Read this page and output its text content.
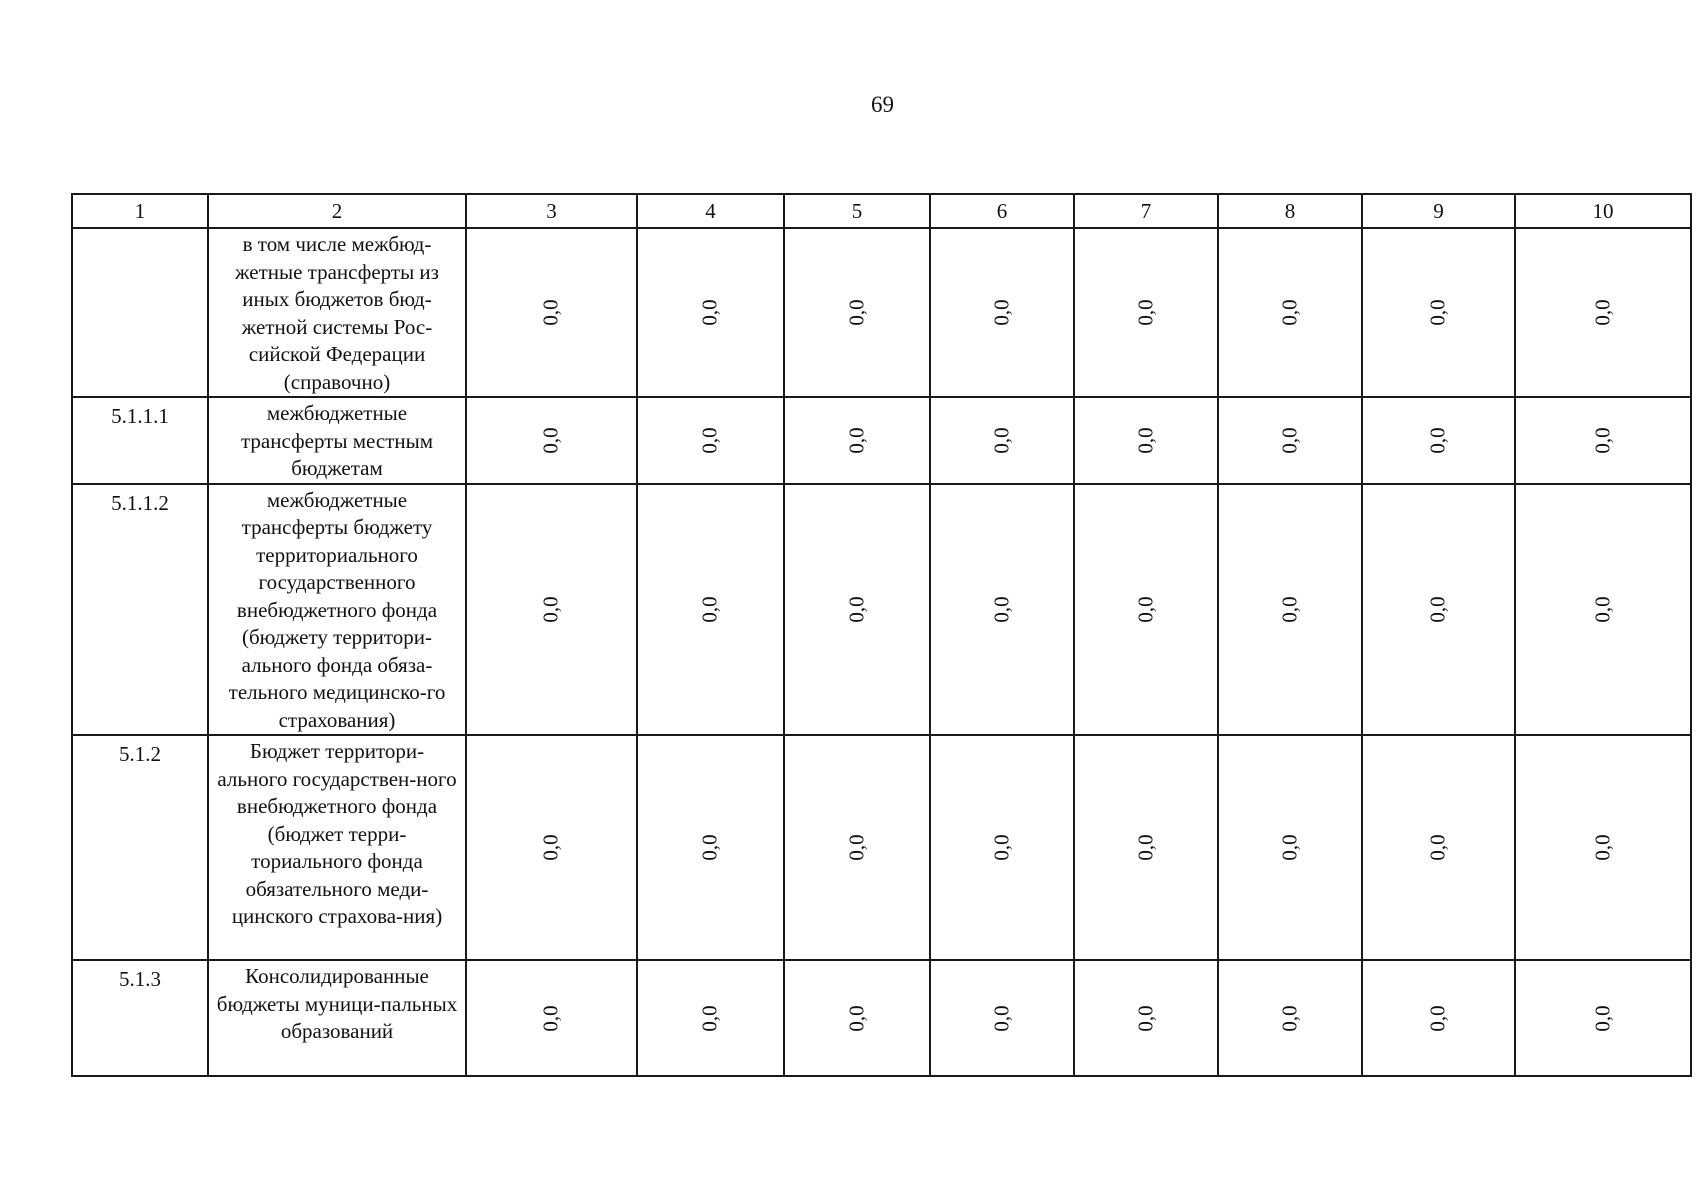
69
1	2	3	4	5	6	7	8	9	10
	в том числе межбюд-жетные трансферты из иных бюджетов бюд-жетной системы Рос-сийской Федерации (справочно)	0,0	0,0	0,0	0,0	0,0	0,0	0,0	0,0
5.1.1.1	межбюджетные трансферты местным бюджетам	0,0	0,0	0,0	0,0	0,0	0,0	0,0	0,0
5.1.1.2	межбюджетные трансферты бюджету территориального государственного внебюджетного фонда (бюджету территори-ального фонда обяза-тельного медицинско-го страхования)	0,0	0,0	0,0	0,0	0,0	0,0	0,0	0,0
5.1.2	Бюджет территори-ального государствен-ного внебюджетного фонда (бюджет терри-ториального фонда обязательного меди-цинского страхова-ния)	0,0	0,0	0,0	0,0	0,0	0,0	0,0	0,0
5.1.3	Консолидированные бюджеты муници-пальных образований	0,0	0,0	0,0	0,0	0,0	0,0	0,0	0,0
